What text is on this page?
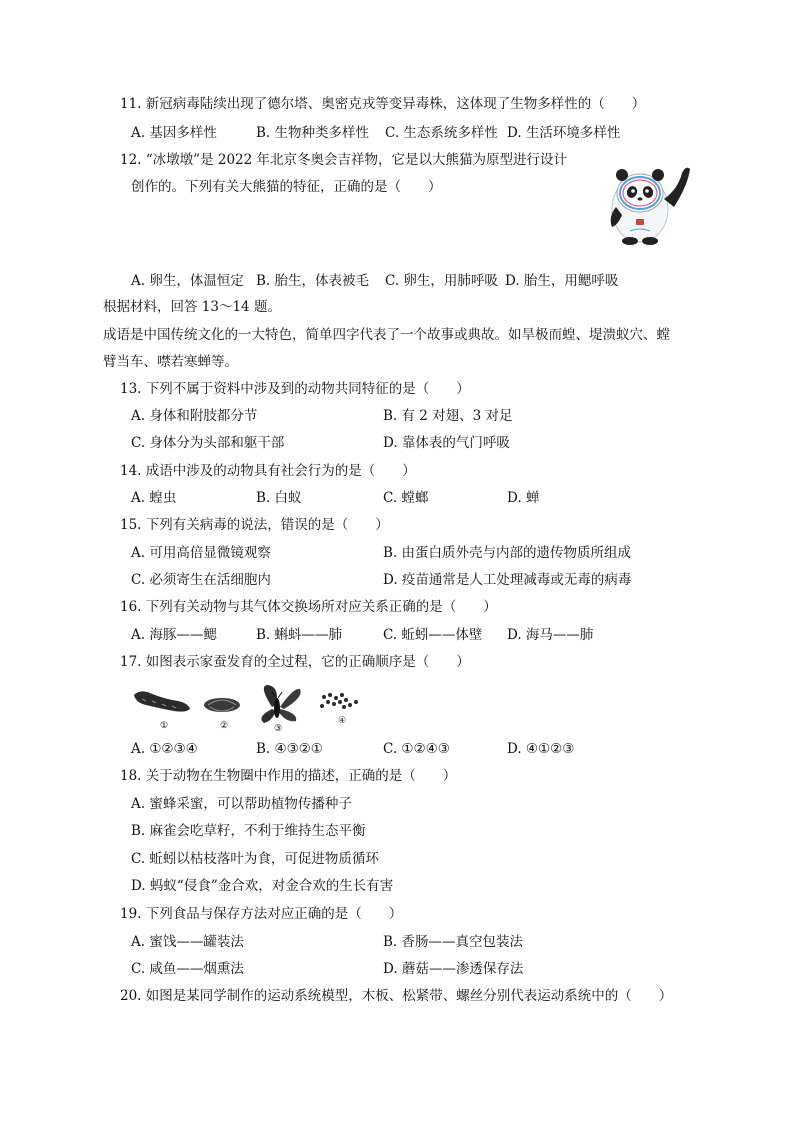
11. 新冠病毒陆续出现了德尔塔、奥密克戎等变异毒株，这体现了生物多样性的（　　）
A. 基因多样性	B. 生物种类多样性 C. 生态系统多样性 D. 生活环境多样性
12. “冰墩墩”是 2022 年北京冬奥会吉祥物，它是以大熊猫为原型进行设计
创作的。下列有关大熊猫的特征，正确的是（　　）
A. 卵生，体温恒定 B. 胎生，体表被毛 C. 卵生，用肺呼吸 D. 胎生，用鳃呼吸
根据材料，回答 13～14 题。
成语是中国传统文化的一大特色，简单四字代表了一个故事或典故。如旱极而蝗、堤溃蚁穴、螳
臂当车、噤若寒蝉等。
13. 下列不属于资料中涉及到的动物共同特征的是（　　）
A. 身体和附肢都分节	B. 有 2 对翅、3 对足
C. 身体分为头部和躯干部	D. 靠体表的气门呼吸
14. 成语中涉及的动物具有社会行为的是（　　）
A. 蝗虫	B. 白蚁	C. 螳螂	D. 蝉
15. 下列有关病毒的说法，错误的是（　　）
A. 可用高倍显微镜观察	B. 由蛋白质外壳与内部的遗传物质所组成
C. 必须寄生在活细胞内	D. 疫苗通常是人工处理减毒或无毒的病毒
16. 下列有关动物与其气体交换场所对应关系正确的是（　　）
A. 海豚——鳃	B. 蝌蚪——肺	C. 蚯蚓——体壁 D. 海马——肺
17. 如图表示家蚕发育的全过程，它的正确顺序是（　　）
①	②	③
④
A. ①②③④	B. ④③②①	C. ①②④③	D. ④①②③
18. 关于动物在生物圈中作用的描述，正确的是（　　）
A. 蜜蜂采蜜，可以帮助植物传播种子
B. 麻雀会吃草籽，不利于维持生态平衡
C. 蚯蚓以枯枝落叶为食，可促进物质循环
D. 蚂蚁“侵食”金合欢，对金合欢的生长有害
19. 下列食品与保存方法对应正确的是（　　）
A. 蜜饯——罐装法	B. 香肠——真空包装法
C. 咸鱼——烟熏法	D. 蘑菇——渗透保存法
20. 如图是某同学制作的运动系统模型，木板、松紧带、螺丝分别代表运动系统中的（　　）
